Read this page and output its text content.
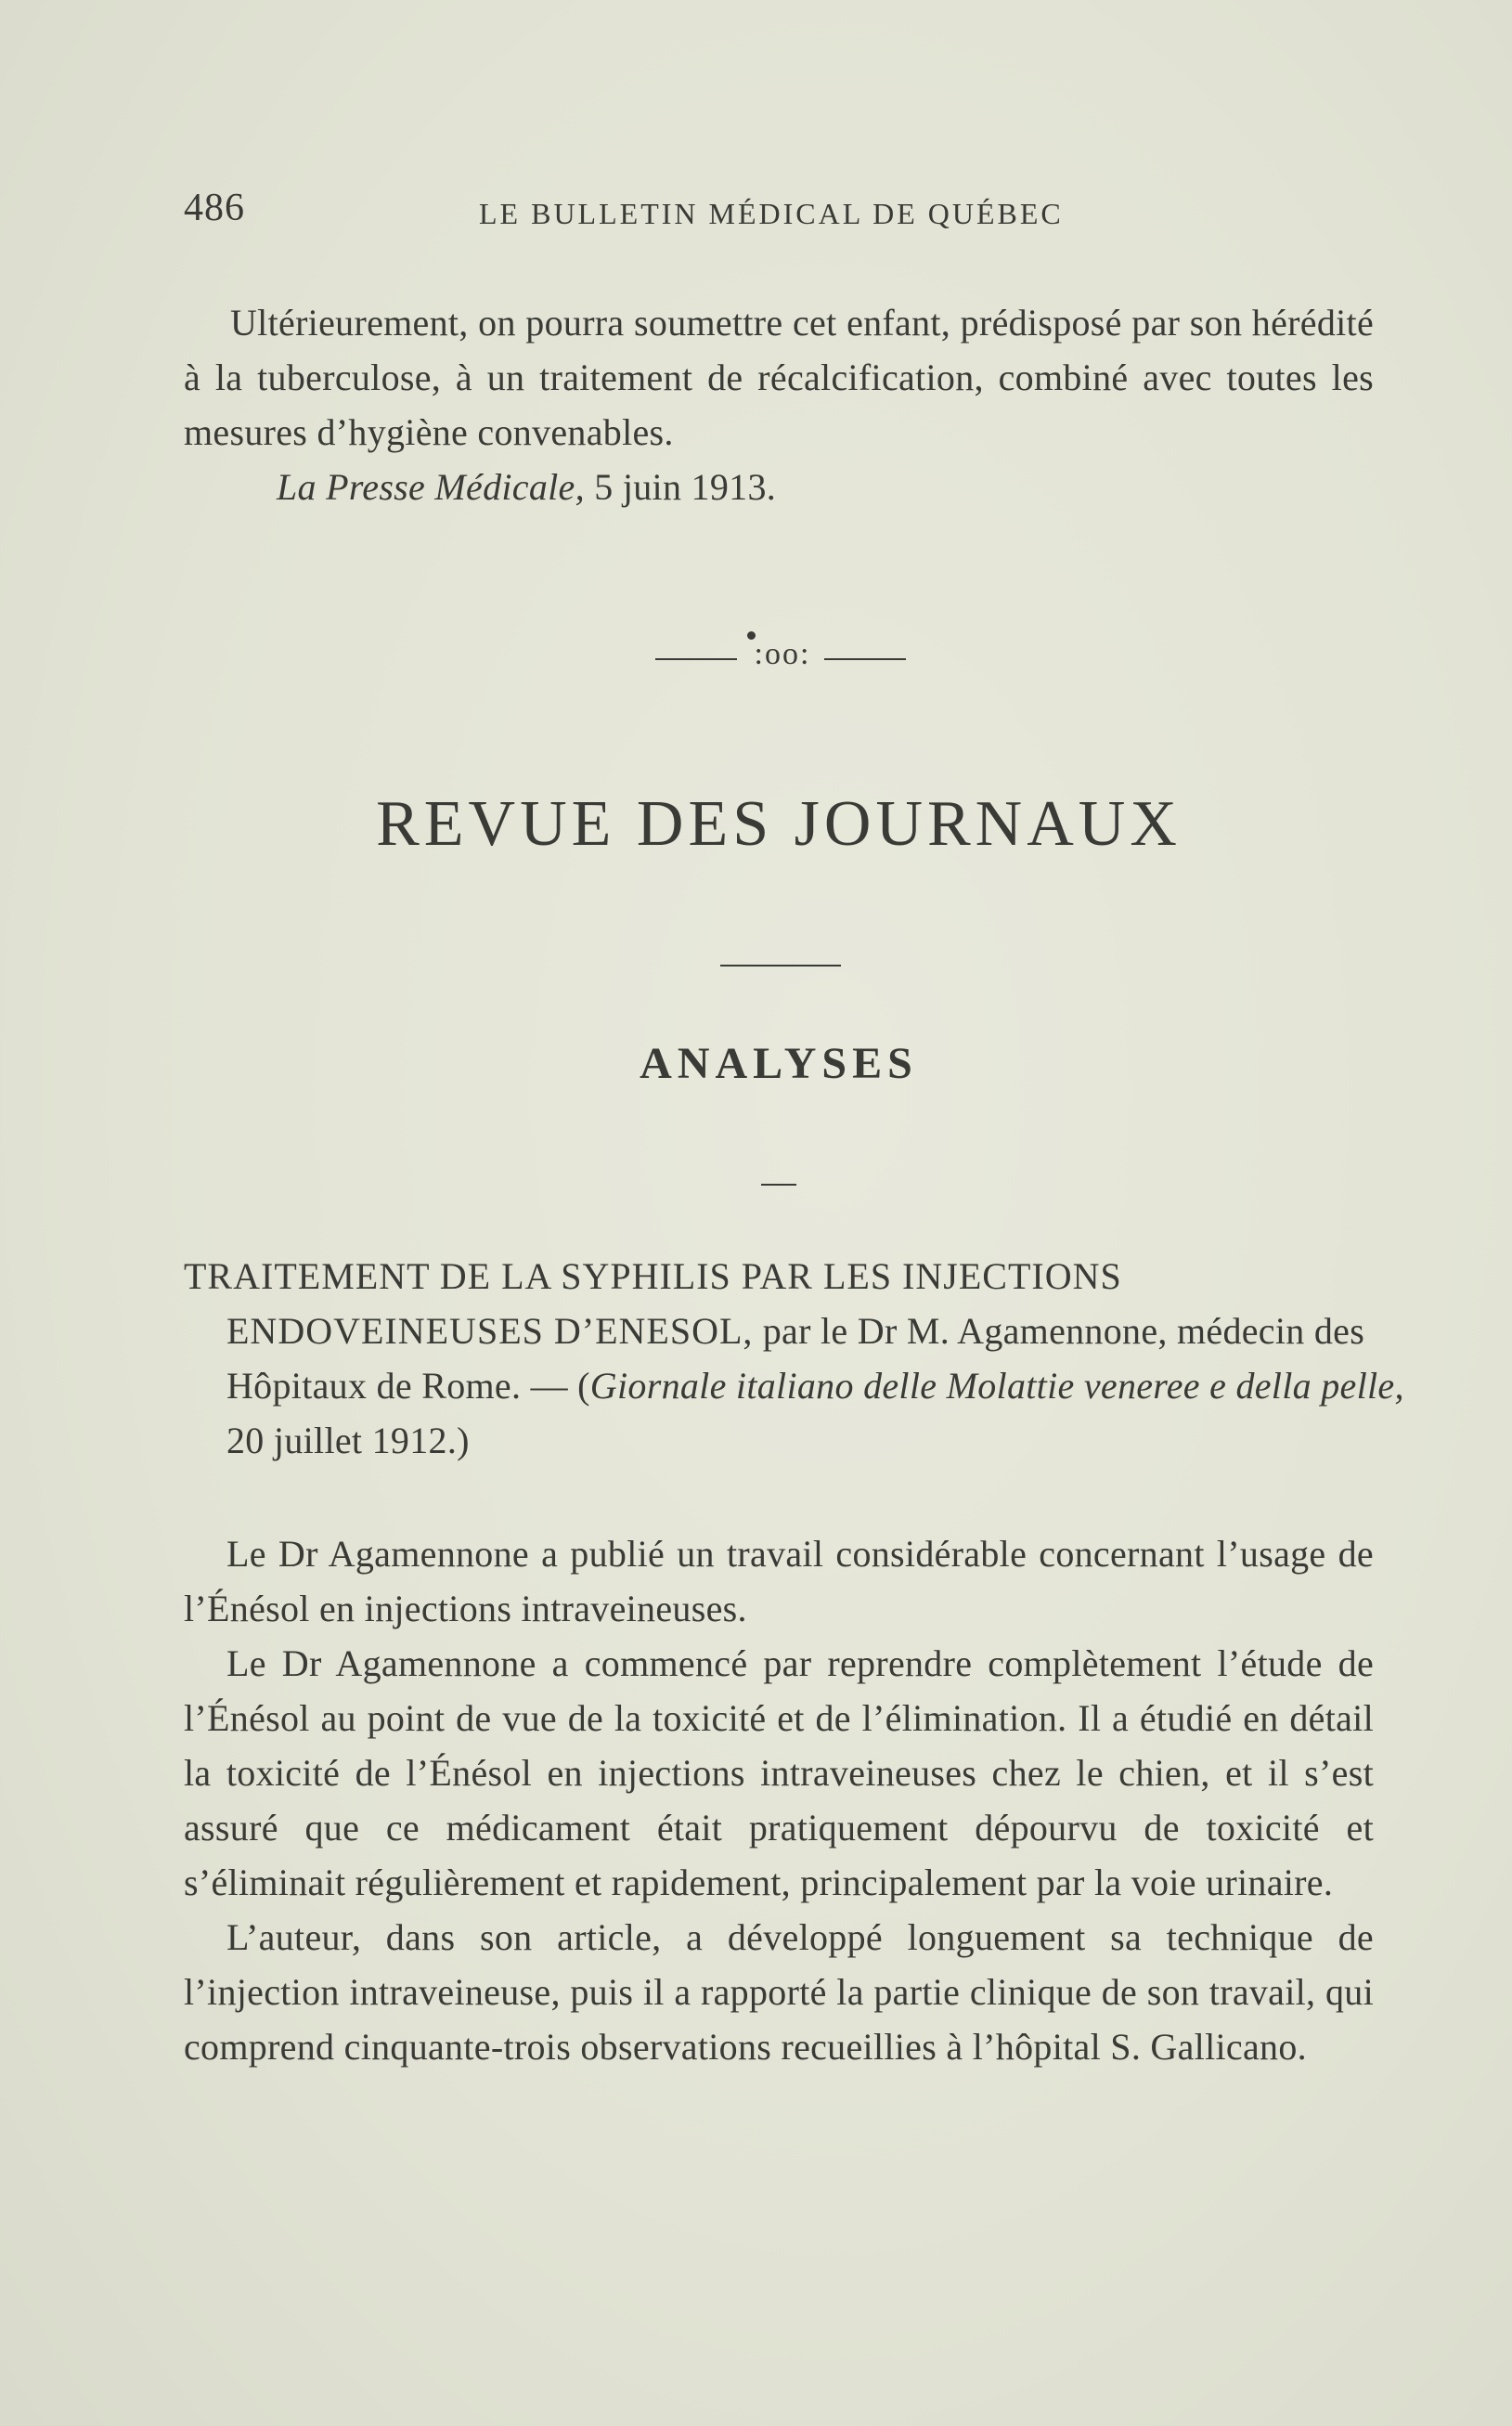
486	LE BULLETIN MÉDICAL DE QUÉBEC

Ultérieurement, on pourra soumettre cet enfant, prédisposé par son hérédité à la tuberculose, à un traitement de récalcification, combiné avec toutes les mesures d’hygiène convenables.

La Presse Médicale, 5 juin 1913.

:oo:
REVUE DES JOURNAUX
ANALYSES

TRAITEMENT DE LA SYPHILIS PAR LES INJECTIONS ENDOVEINEUSES D’ENESOL, par le Dr M. Agamennone, médecin des Hôpitaux de Rome. — (Giornale italiano delle Molattie veneree e della pelle, 20 juillet 1912.)

Le Dr Agamennone a publié un travail considérable concernant l’usage de l’Énésol en injections intraveineuses.

Le Dr Agamennone a commencé par reprendre complètement l’étude de l’Énésol au point de vue de la toxicité et de l’élimination. Il a étudié en détail la toxicité de l’Énésol en injections intraveineuses chez le chien, et il s’est assuré que ce médicament était pratiquement dépourvu de toxicité et s’éliminait régulièrement et rapidement, principalement par la voie urinaire.

L’auteur, dans son article, a développé longuement sa technique de l’injection intraveineuse, puis il a rapporté la partie clinique de son travail, qui comprend cinquante-trois observations recueillies à l’hôpital S. Gallicano.
